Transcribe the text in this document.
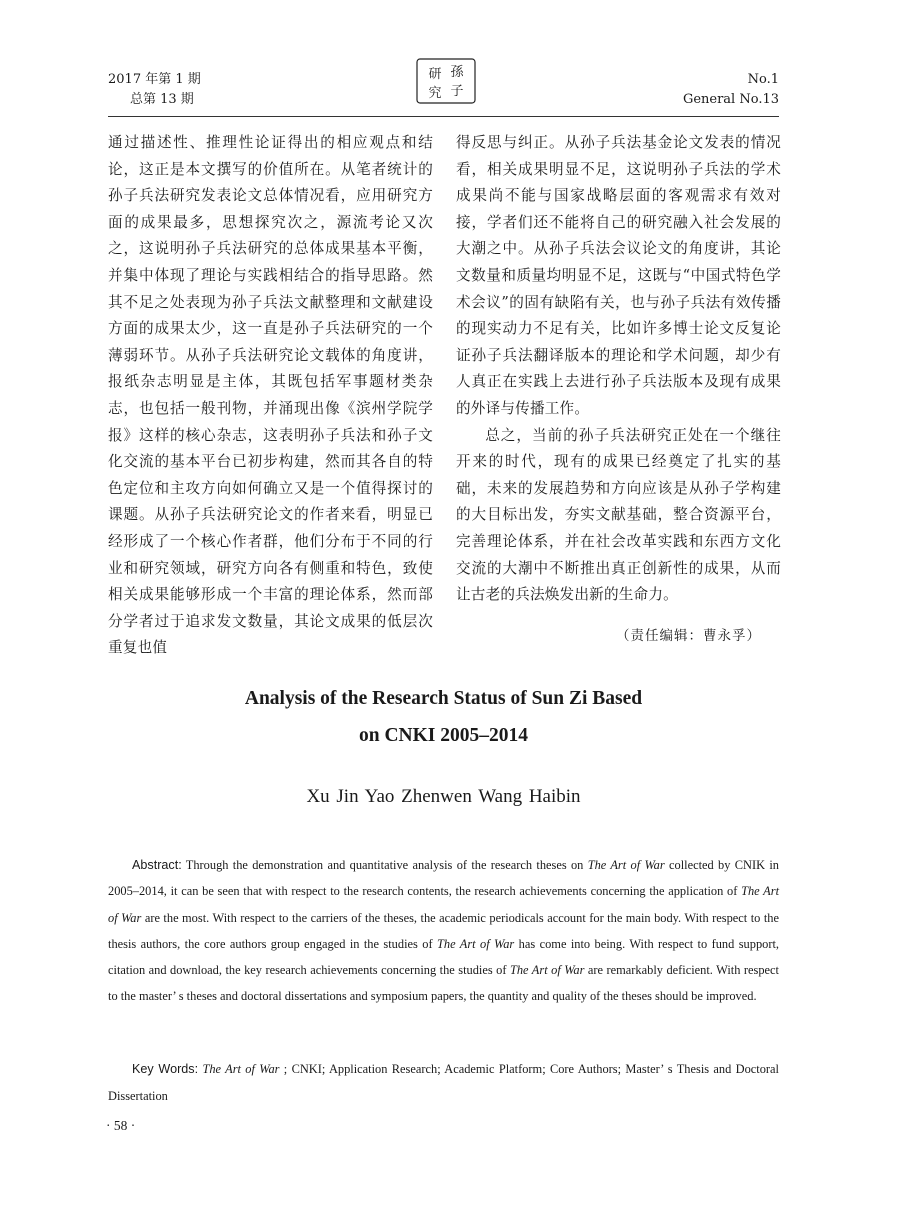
2017 年第 1 期
总第 13 期
研 孫
究 子
No.1
General No.13

通过描述性、推理性论证得出的相应观点和结论，这正是本文撰写的价值所在。从笔者统计的孙子兵法研究发表论文总体情况看，应用研究方面的成果最多，思想探究次之，源流考论又次之，这说明孙子兵法研究的总体成果基本平衡，并集中体现了理论与实践相结合的指导思路。然其不足之处表现为孙子兵法文献整理和文献建设方面的成果太少，这一直是孙子兵法研究的一个薄弱环节。从孙子兵法研究论文载体的角度讲，报纸杂志明显是主体，其既包括军事题材类杂志，也包括一般刊物，并涌现出像《滨州学院学报》这样的核心杂志，这表明孙子兵法和孙子文化交流的基本平台已初步构建，然而其各自的特色定位和主攻方向如何确立又是一个值得探讨的课题。从孙子兵法研究论文的作者来看，明显已经形成了一个核心作者群，他们分布于不同的行业和研究领域，研究方向各有侧重和特色，致使相关成果能够形成一个丰富的理论体系，然而部分学者过于追求发文数量，其论文成果的低层次重复也值

得反思与纠正。从孙子兵法基金论文发表的情况看，相关成果明显不足，这说明孙子兵法的学术成果尚不能与国家战略层面的客观需求有效对接，学者们还不能将自己的研究融入社会发展的大潮之中。从孙子兵法会议论文的角度讲，其论文数量和质量均明显不足，这既与“中国式特色学术会议”的固有缺陷有关，也与孙子兵法有效传播的现实动力不足有关，比如许多博士论文反复论证孙子兵法翻译版本的理论和学术问题，却少有人真正在实践上去进行孙子兵法版本及现有成果的外译与传播工作。

总之，当前的孙子兵法研究正处在一个继往开来的时代，现有的成果已经奠定了扎实的基础，未来的发展趋势和方向应该是从孙子学构建的大目标出发，夯实文献基础，整合资源平台，完善理论体系，并在社会改革实践和东西方文化交流的大潮中不断推出真正创新性的成果，从而让古老的兵法焕发出新的生命力。

（责任编辑：曹永孚）

Analysis of the Research Status of Sun Zi Based
on CNKI 2005–2014
Xu Jin Yao Zhenwen Wang Haibin

Abstract: Through the demonstration and quantitative analysis of the research theses on The Art of War collected by CNIK in 2005–2014, it can be seen that with respect to the research contents, the research achievements concerning the application of The Art of War are the most. With respect to the carriers of the theses, the academic periodicals account for the main body. With respect to the thesis authors, the core authors group engaged in the studies of The Art of War has come into being. With respect to fund support, citation and download, the key research achievements concerning the studies of The Art of War are remarkably deficient. With respect to the master’ s theses and doctoral dissertations and symposium papers, the quantity and quality of the theses should be improved.

Key Words: The Art of War ; CNKI; Application Research; Academic Platform; Core Authors; Master’ s Thesis and Doctoral Dissertation

· 58 ·
